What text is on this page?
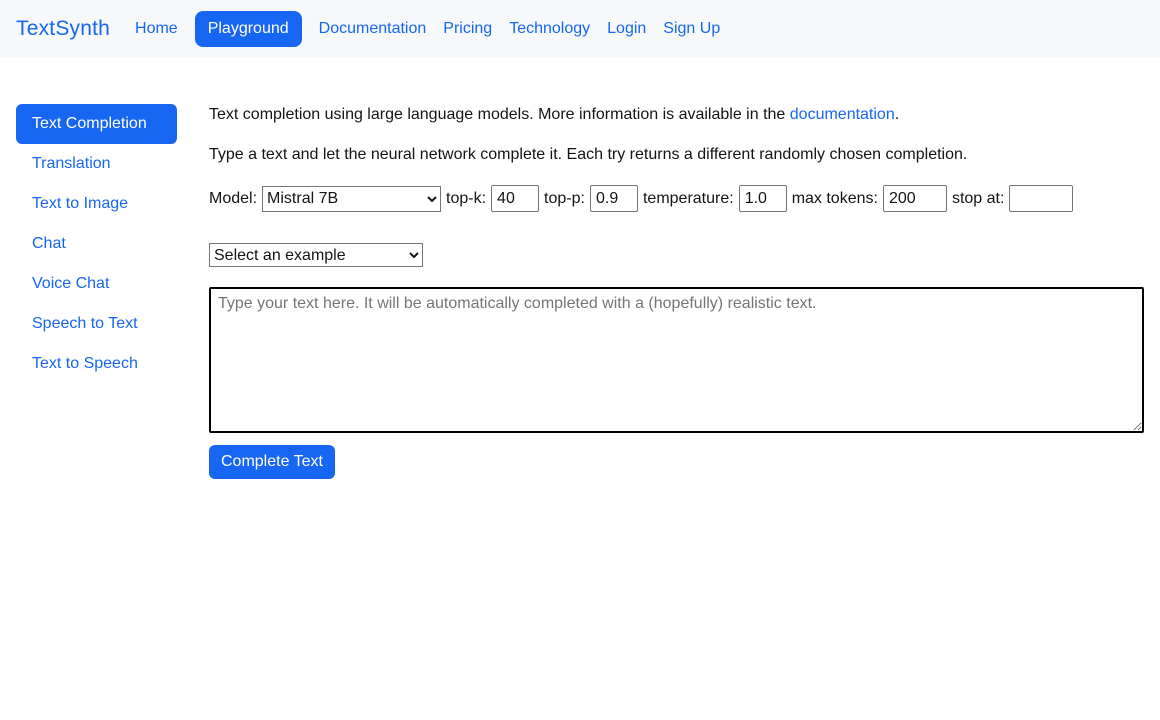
TextSynth Home	Playground	Documentation Pricing Technology Login Sign Up
Text Completion
Translation
Text to Image
Chat
Voice Chat
Speech to Text
Text to Speech

Text completion using large language models. More information is available in the documentation.

Type a text and let the neural network complete it. Each try returns a different randomly chosen completion.

Model:
Mistral 7B	top-k:
40	top-p:
0.9	temperature:
1.0	max tokens:
200	stop at:
Select an example
Type your text here. It will be automatically completed with a (hopefully) realistic text. Complete Text
